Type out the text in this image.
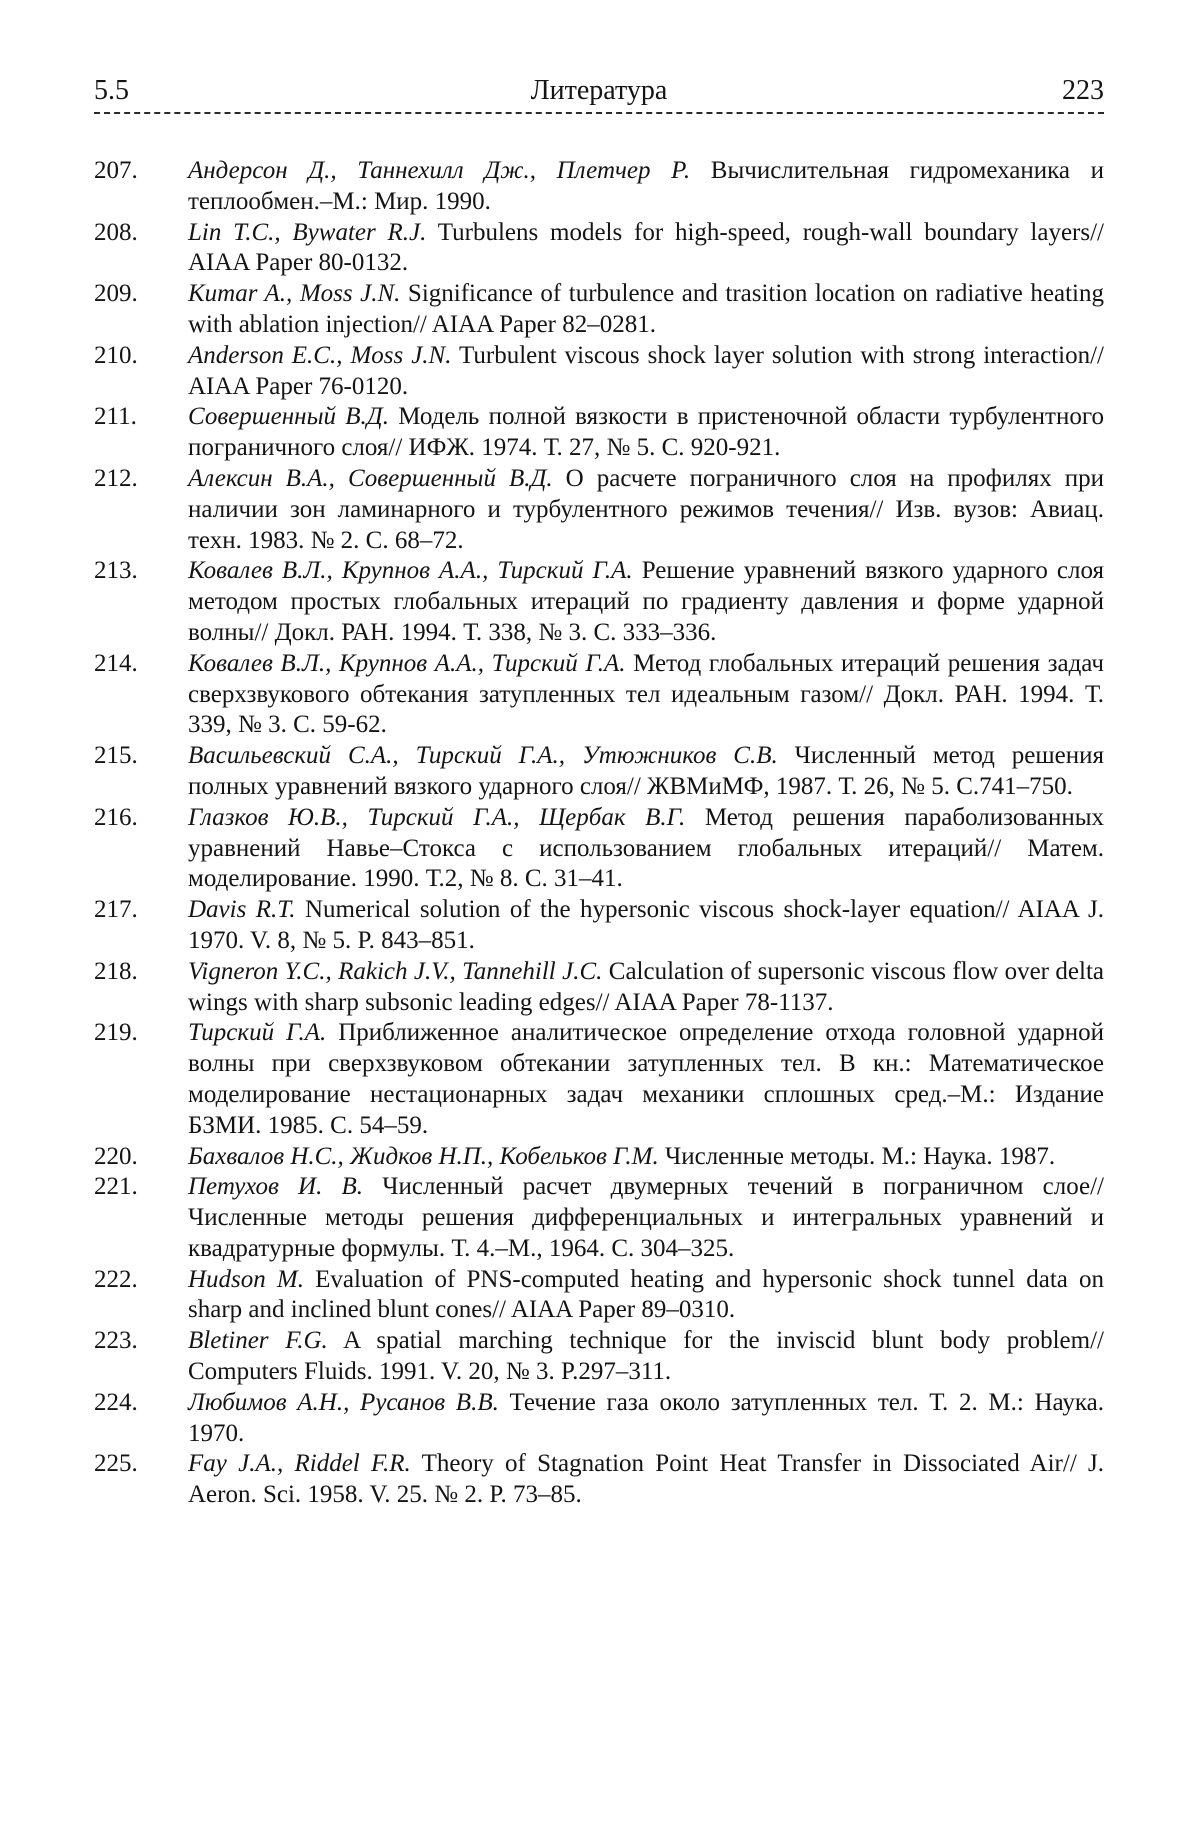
5.5	Литература	223
207. Андерсон Д., Таннехилл Дж., Плетчер Р. Вычислительная гидромеханика и теплообмен.–М.: Мир. 1990.
208. Lin T.C., Bywater R.J. Turbulens models for high-speed, rough-wall boundary layers// AIAA Paper 80-0132.
209. Kumar A., Moss J.N. Significance of turbulence and trasition location on radiative heating with ablation injection// AIAA Paper 82–0281.
210. Anderson E.C., Moss J.N. Turbulent viscous shock layer solution with strong interaction// AIAA Paper 76-0120.
211. Совершенный В.Д. Модель полной вязкости в пристеночной области турбулентного пограничного слоя// ИФЖ. 1974. Т. 27, № 5. С. 920-921.
212. Алексин В.А., Совершенный В.Д. О расчете пограничного слоя на профилях при наличии зон ламинарного и турбулентного режимов течения// Изв. вузов: Авиац. техн. 1983. № 2. С. 68–72.
213. Ковалев В.Л., Крупнов А.А., Тирский Г.А. Решение уравнений вязкого ударного слоя методом простых глобальных итераций по градиенту давления и форме ударной волны// Докл. РАН. 1994. Т. 338, № 3. С. 333–336.
214. Ковалев В.Л., Крупнов А.А., Тирский Г.А. Метод глобальных итераций решения задач сверхзвукового обтекания затупленных тел идеальным газом// Докл. РАН. 1994. Т. 339, № 3. С. 59-62.
215. Васильевский С.А., Тирский Г.А., Утюжников С.В. Численный метод решения полных уравнений вязкого ударного слоя// ЖВМиМФ, 1987. Т. 26, № 5. С.741–750.
216. Глазков Ю.В., Тирский Г.А., Щербак В.Г. Метод решения параболизованных уравнений Навье–Стокса с использованием глобальных итераций// Матем. моделирование. 1990. Т.2, № 8. С. 31–41.
217. Davis R.T. Numerical solution of the hypersonic viscous shock-layer equation// AIAA J. 1970. V. 8, № 5. P. 843–851.
218. Vigneron Y.C., Rakich J.V., Tannehill J.C. Calculation of supersonic viscous flow over delta wings with sharp subsonic leading edges// AIAA Paper 78-1137.
219. Тирский Г.А. Приближенное аналитическое определение отхода головной ударной волны при сверхзвуковом обтекании затупленных тел. В кн.: Математическое моделирование нестационарных задач механики сплошных сред.–М.: Издание БЗМИ. 1985. С. 54–59.
220. Бахвалов Н.С., Жидков Н.П., Кобельков Г.М. Численные методы. М.: Наука. 1987.
221. Петухов И. В. Численный расчет двумерных течений в пограничном слое// Численные методы решения дифференциальных и интегральных уравнений и квадратурные формулы. Т. 4.–М., 1964. С. 304–325.
222. Hudson M. Evaluation of PNS-computed heating and hypersonic shock tunnel data on sharp and inclined blunt cones// AIAA Paper 89–0310.
223. Bletiner F.G. A spatial marching technique for the inviscid blunt body problem// Computers Fluids. 1991. V. 20, № 3. P.297–311.
224. Любимов А.Н., Русанов В.В. Течение газа около затупленных тел. Т. 2. М.: Наука. 1970.
225. Fay J.A., Riddel F.R. Theory of Stagnation Point Heat Transfer in Dissociated Air// J. Aeron. Sci. 1958. V. 25. № 2. P. 73–85.
